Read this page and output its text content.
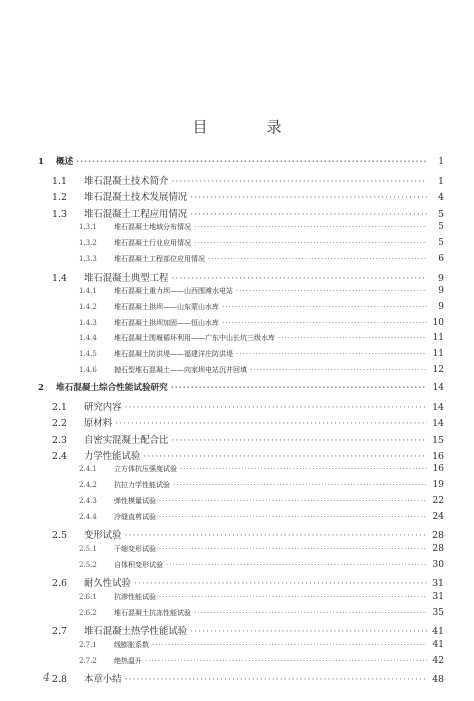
目　录
1	概述 ·····	1
1.1	堆石混凝土技术简介 ·····	1
1.2	堆石混凝土技术发展情况 ·····	4
1.3	堆石混凝土工程应用情况 ·····	5
1.3.1	堆石混凝土地域分布情况 ·····	5
1.3.2	堆石混凝土行业应用情况 ·····	5
1.3.3	堆石混凝土工程部位应用情况 ·····	6
1.4	堆石混凝土典型工程 ·····	9
1.4.1	堆石混凝土重力坝——山西围滩水电站 ·····	9
1.4.2	堆石混凝土拱坝——山东蒙山水库 ·····	9
1.4.3	堆石混凝土拱坝加固——恒山水库 ·····	10
1.4.4	堆石混凝土围堰循环利用——广东中山长坑三级水库 ·····	11
1.4.5	堆石混凝土防洪堤——福建洋庄防洪堤 ·····	11
1.4.6	抛石型堆石混凝土——向家坝电站沉井回填 ·····	12
2	堆石混凝土综合性能试验研究 ·····	14
2.1	研究内容 ·····	14
2.2	原材料 ·····	14
2.3	自密实混凝土配合比 ·····	15
2.4	力学性能试验 ·····	16
2.4.1	立方体抗压强度试验 ·····	16
2.4.2	抗拉力学性能试验 ·····	19
2.4.3	弹性模量试验 ·····	22
2.4.4	冷缝直剪试验 ·····	24
2.5	变形试验 ·····	28
2.5.1	干缩变形试验 ·····	28
2.5.2	自体积变形试验 ·····	30
2.6	耐久性试验 ·····	31
2.6.1	抗渗性能试验 ·····	31
2.6.2	堆石混凝土抗冻性能试验 ·····	35
2.7	堆石混凝土热学性能试验 ·····	41
2.7.1	线膨胀系数 ·····	41
2.7.2	绝热温升 ·····	42
2.8	本章小结 ·····	48
4
